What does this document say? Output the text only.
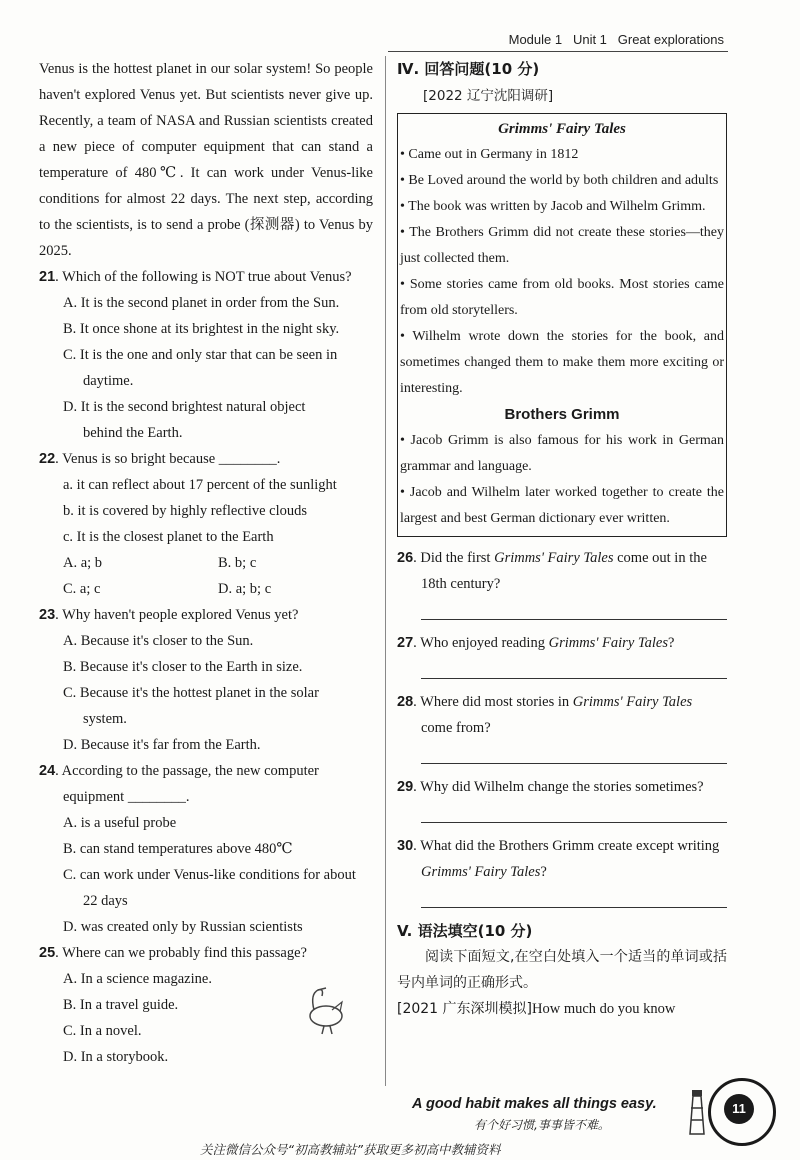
Module 1 Unit 1 Great explorations

Venus is the hottest planet in our solar system! So people haven't explored Venus yet. But scientists never give up. Recently, a team of NASA and Russian scientists created a new piece of computer equipment that can stand a temperature of 480℃. It can work under Venus-like conditions for almost 22 days. The next step, according to the scientists, is to send a probe (探测器) to Venus by 2025.

21. Which of the following is NOT true about Venus?
A. It is the second planet in order from the Sun.
B. It once shone at its brightest in the night sky.
C. It is the one and only star that can be seen in
daytime.
D. It is the second brightest natural object
behind the Earth.
22. Venus is so bright because ________.
a. it can reflect about 17 percent of the sunlight
b. it is covered by highly reflective clouds
c. It is the closest planet to the Earth
A. a; b	B. b; c
C. a; c	D. a; b; c
23. Why haven't people explored Venus yet?
A. Because it's closer to the Sun.
B. Because it's closer to the Earth in size.
C. Because it's the hottest planet in the solar
system.
D. Because it's far from the Earth.
24. According to the passage, the new computer
equipment ________.
A. is a useful probe
B. can stand temperatures above 480℃
C. can work under Venus-like conditions for about
22 days
D. was created only by Russian scientists
25. Where can we probably find this passage?
A. In a science magazine.
B. In a travel guide.
C. In a novel.
D. In a storybook.
Ⅳ. 回答问题(10 分)
[2022 辽宁沈阳调研]
Grimms' Fairy Tales

• Came out in Germany in 1812

• Be Loved around the world by both children and adults

• The book was written by Jacob and Wilhelm Grimm.

• The Brothers Grimm did not create these stories—they just collected them.

• Some stories came from old books. Most stories came from old storytellers.

• Wilhelm wrote down the stories for the book, and sometimes changed them to make them more exciting or interesting.

Brothers Grimm

• Jacob Grimm is also famous for his work in German grammar and language.

• Jacob and Wilhelm later worked together to create the largest and best German dictionary ever written.

26. Did the first Grimms' Fairy Tales come out in the 18th century?
27. Who enjoyed reading Grimms' Fairy Tales?
28. Where did most stories in Grimms' Fairy Tales come from?
29. Why did Wilhelm change the stories sometimes?
30. What did the Brothers Grimm create except writing Grimms' Fairy Tales?
V. 语法填空(10 分)

阅读下面短文,在空白处填入一个适当的单词或括号内单词的正确形式。

[2021 广东深圳模拟]How much do you know
A good habit makes all things easy.
有个好习惯,事事皆不难。
11
关注微信公众号“初高教辅站”获取更多初高中教辅资料
